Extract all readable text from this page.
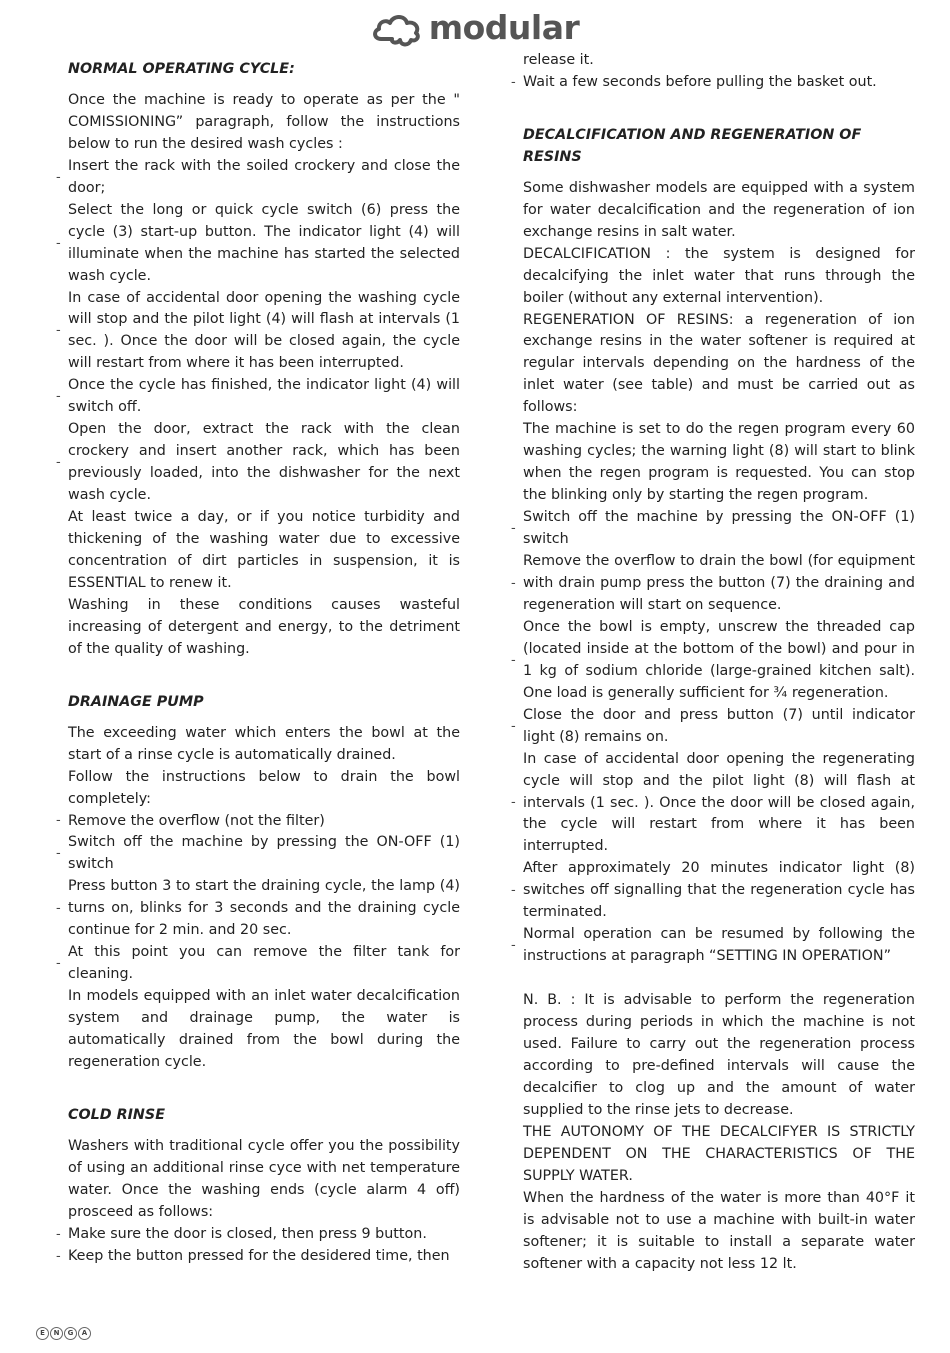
modular

NORMAL OPERATING CYCLE:

Once the machine is ready to operate as per the " COMISSIONING” paragraph, follow the instructions below to run the desired wash cycles :

-
Insert the rack with the soiled crockery and close the door;
-
Select the long or quick cycle switch (6) press the cycle (3) start-up button. The indicator light (4) will illuminate when the machine has started the selected wash cycle.
-
In case of accidental door opening the washing cycle will stop and the pilot light (4) will flash at intervals (1 sec. ). Once the door will be closed again, the cycle will restart from where it has been interrupted.
-
Once the cycle has finished, the indicator light (4) will switch off.
-
Open the door, extract the rack with the clean crockery and insert another rack, which has been previously loaded, into the dishwasher for the next wash cycle.

At least twice a day, or if you notice turbidity and thickening of the washing water due to excessive concentration of dirt particles in suspension, it is ESSENTIAL to renew it.

Washing in these conditions causes wasteful increasing of detergent and energy, to the detriment of the quality of washing.

DRAINAGE PUMP

The exceeding water which enters the bowl at the start of a rinse cycle is automatically drained.

Follow the instructions below to drain the bowl completely:

- Remove the overflow (not the filter)
-
Switch off the machine by pressing the ON-OFF (1) switch
-
Press button 3 to start the draining cycle, the lamp (4) turns on, blinks for 3 seconds and the draining cycle continue for 2 min. and 20 sec.
-
At this point you can remove the filter tank for cleaning.

In models equipped with an inlet water decalcification system and drainage pump, the water is automatically drained from the bowl during the regeneration cycle.

COLD RINSE

Washers with traditional cycle offer you the possibility of using an additional rinse cyce with net temperature water. Once the washing ends (cycle alarm 4 off) prosceed as follows:

- Make sure the door is closed, then press 9 button.
- Keep the button pressed for the desidered time, then

release it.

- Wait a few seconds before pulling the basket out.

DECALCIFICATION AND REGENERATION OF RESINS

Some dishwasher models are equipped with a system for water decalcification and the regeneration of ion exchange resins in salt water.

DECALCIFICATION : the system is designed for decalcifying the inlet water that runs through the boiler (without any external intervention).

REGENERATION OF RESINS: a regeneration of ion exchange resins in the water softener is required at regular intervals depending on the hardness of the inlet water (see table) and must be carried out as follows:

The machine is set to do the regen program every 60 washing cycles; the warning light (8) will start to blink when the regen program is requested. You can stop the blinking only by starting the regen program.

-
Switch off the machine by pressing the ON-OFF (1) switch
-
Remove the overflow to drain the bowl (for equipment with drain pump press the button (7) the draining and regeneration will start on sequence.
-
Once the bowl is empty, unscrew the threaded cap (located inside at the bottom of the bowl) and pour in 1 kg of sodium chloride (large-grained kitchen salt). One load is generally sufficient for ¾ regeneration.
-
Close the door and press button (7) until indicator light (8) remains on.
-
In case of accidental door opening the regenerating cycle will stop and the pilot light (8) will flash at intervals (1 sec. ). Once the door will be closed again, the cycle will restart from where it has been interrupted.
-
After approximately 20 minutes indicator light (8) switches off signalling that the regeneration cycle has terminated.
-
Normal operation can be resumed by following the instructions at paragraph “SETTING IN OPERATION”

N. B. : It is advisable to perform the regeneration process during periods in which the machine is not used. Failure to carry out the regeneration process according to pre-defined intervals will cause the decalcifier to clog up and the amount of water supplied to the rinse jets to decrease.

THE AUTONOMY OF THE DECALCIFYER IS STRICTLY DEPENDENT ON THE CHARACTERISTICS OF THE SUPPLY WATER.

When the hardness of the water is more than 40°F it is advisable not to use a machine with built-in water softener; it is suitable to install a separate water softener with a capacity not less 12 lt.

E	N	G	A
